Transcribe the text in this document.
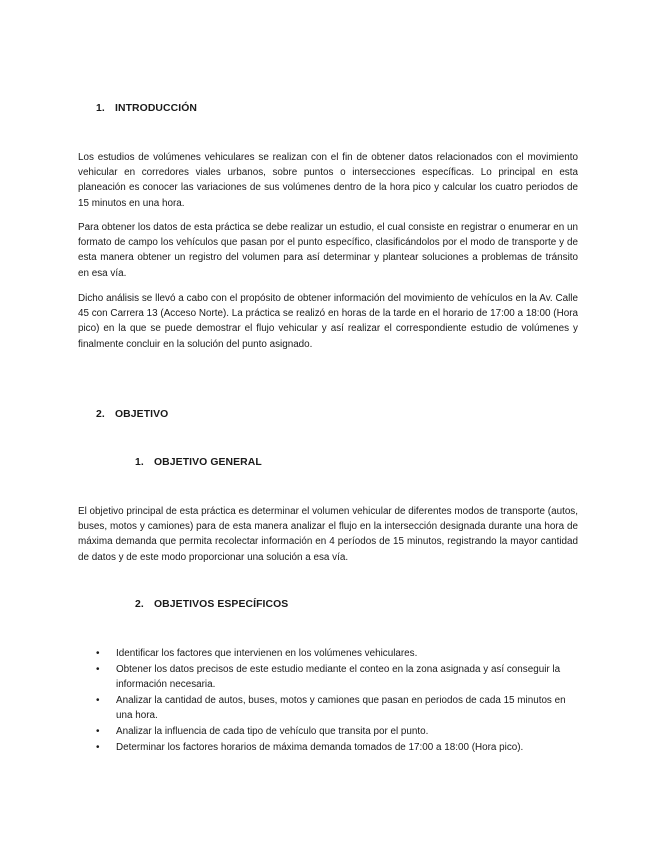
1. INTRODUCCIÓN

Los estudios de volúmenes vehiculares se realizan con el fin de obtener datos relacionados con el movimiento vehicular en corredores viales urbanos, sobre puntos o intersecciones específicas. Lo principal en esta planeación es conocer las variaciones de sus volúmenes dentro de la hora pico y calcular los cuatro periodos de 15 minutos en una hora.

Para obtener los datos de esta práctica se debe realizar un estudio, el cual consiste en registrar o enumerar en un formato de campo los vehículos que pasan por el punto específico, clasificándolos por el modo de transporte y de esta manera obtener un registro del volumen para así determinar y plantear soluciones a problemas de tránsito en esa vía.

Dicho análisis se llevó a cabo con el propósito de obtener información del movimiento de vehículos en la Av. Calle 45 con Carrera 13 (Acceso Norte). La práctica se realizó en horas de la tarde en el horario de 17:00 a 18:00 (Hora pico) en la que se puede demostrar el flujo vehicular y así realizar el correspondiente estudio de volúmenes y finalmente concluir en la solución del punto asignado.

2. OBJETIVO
1. OBJETIVO GENERAL

El objetivo principal de esta práctica es determinar el volumen vehicular de diferentes modos de transporte (autos, buses, motos y camiones) para de esta manera analizar el flujo en la intersección designada durante una hora de máxima demanda que permita recolectar información en 4 períodos de 15 minutos, registrando la mayor cantidad de datos y de este modo proporcionar una solución a esa vía.

2. OBJETIVOS ESPECÍFICOS
• Identificar los factores que intervienen en los volúmenes vehiculares.
• Obtener los datos precisos de este estudio mediante el conteo en la zona asignada y así conseguir la información necesaria.
• Analizar la cantidad de autos, buses, motos y camiones que pasan en periodos de cada 15 minutos en una hora.
• Analizar la influencia de cada tipo de vehículo que transita por el punto.
• Determinar los factores horarios de máxima demanda tomados de 17:00 a 18:00 (Hora pico).
